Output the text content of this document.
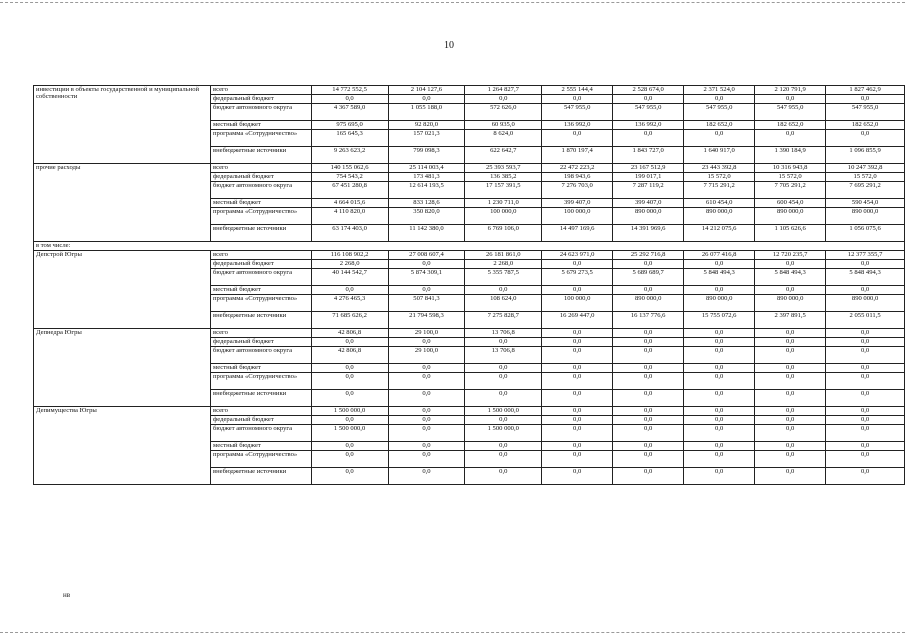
10
инвестиции в объекты государственной и муниципальной собственности	всего	14 772 552,5	2 104 127,6	1 264 827,7	2 555 144,4	2 528 674,0	2 371 524,0	2 120 791,9	1 827 462,9
	федеральный бюджет	0,0	0,0	0,0	0,0	0,0	0,0	0,0	0,0
	бюджет автономного округа	4 367 589,0	1 055 188,0	572 626,0	547 955,0	547 955,0	547 955,0	547 955,0	547 955,0
	местный бюджет	975 695,0	92 820,0	60 935,0	136 992,0	136 992,0	182 652,0	182 652,0	182 652,0
	программа «Сотрудничество»	165 645,3	157 021,3	8 624,0	0,0	0,0	0,0	0,0	0,0
	внебюджетные источники	9 263 623,2	799 098,3	622 642,7	1 870 197,4	1 843 727,0	1 640 917,0	1 390 184,9	1 096 855,9
прочие расходы	всего	140 155 062,6	25 114 003,4	25 393 593,7	22 472 223,2	23 167 512,9	23 443 392,8	10 316 943,8	10 247 392,8
	федеральный бюджет	754 543,2	173 481,3	136 385,2	198 943,6	199 017,1	15 572,0	15 572,0	15 572,0
	бюджет автономного округа	67 451 280,8	12 614 193,5	17 157 391,5	7 276 703,0	7 287 119,2	7 715 291,2	7 705 291,2	7 695 291,2
	местный бюджет	4 664 015,6	833 128,6	1 230 711,0	399 407,0	399 407,0	610 454,0	600 454,0	590 454,0
	программа «Сотрудничество»	4 110 820,0	350 820,0	100 000,0	100 000,0	890 000,0	890 000,0	890 000,0	890 000,0
	внебюджетные источники	63 174 403,0	11 142 380,0	6 769 106,0	14 497 169,6	14 391 969,6	14 212 075,6	1 105 626,6	1 056 075,6
в том числе:									
Депстрой Югры	всего	116 108 902,2	27 008 607,4	26 181 861,0	24 623 971,0	25 292 716,8	26 077 416,8	12 720 235,7	12 377 355,7
	федеральный бюджет	2 268,0	0,0	2 268,0	0,0	0,0	0,0	0,0	0,0
	бюджет автономного округа	40 144 542,7	5 874 309,1	5 355 787,5	5 679 273,5	5 689 689,7	5 848 494,3	5 848 494,3	5 848 494,3
	местный бюджет	0,0	0,0	0,0	0,0	0,0	0,0	0,0	0,0
	программа «Сотрудничество»	4 276 465,3	507 841,3	108 624,0	100 000,0	890 000,0	890 000,0	890 000,0	890 000,0
	внебюджетные источники	71 685 626,2	21 794 598,3	7 275 828,7	16 269 447,0	16 137 776,6	15 755 072,6	2 397 891,5	2 055 011,5
Депнедра Югры	всего	42 806,8	29 100,0	13 706,8	0,0	0,0	0,0	0,0	0,0
	федеральный бюджет	0,0	0,0	0,0	0,0	0,0	0,0	0,0	0,0
	бюджет автономного округа	42 806,8	29 100,0	13 706,8	0,0	0,0	0,0	0,0	0,0
	местный бюджет	0,0	0,0	0,0	0,0	0,0	0,0	0,0	0,0
	программа «Сотрудничество»	0,0	0,0	0,0	0,0	0,0	0,0	0,0	0,0
	внебюджетные источники	0,0	0,0	0,0	0,0	0,0	0,0	0,0	0,0
Депимущества Югры	всего	1 500 000,0	0,0	1 500 000,0	0,0	0,0	0,0	0,0	0,0
	федеральный бюджет	0,0	0,0	0,0	0,0	0,0	0,0	0,0	0,0
	бюджет автономного округа	1 500 000,0	0,0	1 500 000,0	0,0	0,0	0,0	0,0	0,0
	местный бюджет	0,0	0,0	0,0	0,0	0,0	0,0	0,0	0,0
	программа «Сотрудничество»	0,0	0,0	0,0	0,0	0,0	0,0	0,0	0,0
	внебюджетные источники	0,0	0,0	0,0	0,0	0,0	0,0	0,0	0,0
нв
